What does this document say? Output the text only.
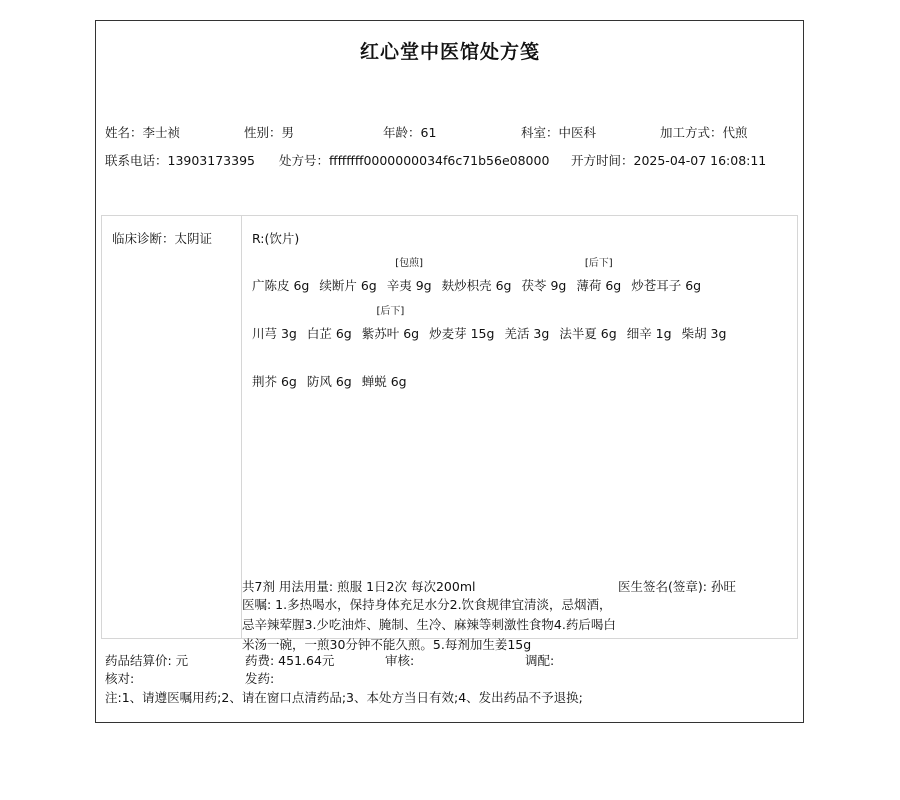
红心堂中医馆处方笺
姓名：李士祯	性别：男	年龄：61	科室：中医科	加工方式：代煎
联系电话：13903173395 处方号：ffffffff0000000034f6c71b56e08000 开方时间：2025-04-07 16:08:11
临床诊断：太阴证	R:(饮片)
广陈皮 6g 续断片 6g
[包煎]
辛夷 9g 麸炒枳壳 6g 茯苓 9g
[后下]
薄荷 6g 炒苍耳子 6g
川芎 3g 白芷 6g
[后下]
紫苏叶 6g 炒麦芽 15g 羌活 3g 法半夏 6g 细辛 1g 柴胡 3g
荆芥 6g 防风 6g 蝉蜕 6g
共7剂 用法用量: 煎服 1日2次 每次200ml	医生签名(签章): 孙旺
医嘱: 1.多热喝水，保持身体充足水分2.饮食规律宜清淡，忌烟酒，忌辛辣荤腥3.少吃油炸、腌制、生冷、麻辣等刺激性食物4.药后喝白米汤一碗，一煎30分钟不能久煎。5.每剂加生姜15g
药品结算价: 元	药费: 451.64元	审核:	调配:
核对:	发药:
注:1、请遵医嘱用药;2、请在窗口点清药品;3、本处方当日有效;4、发出药品不予退换;
